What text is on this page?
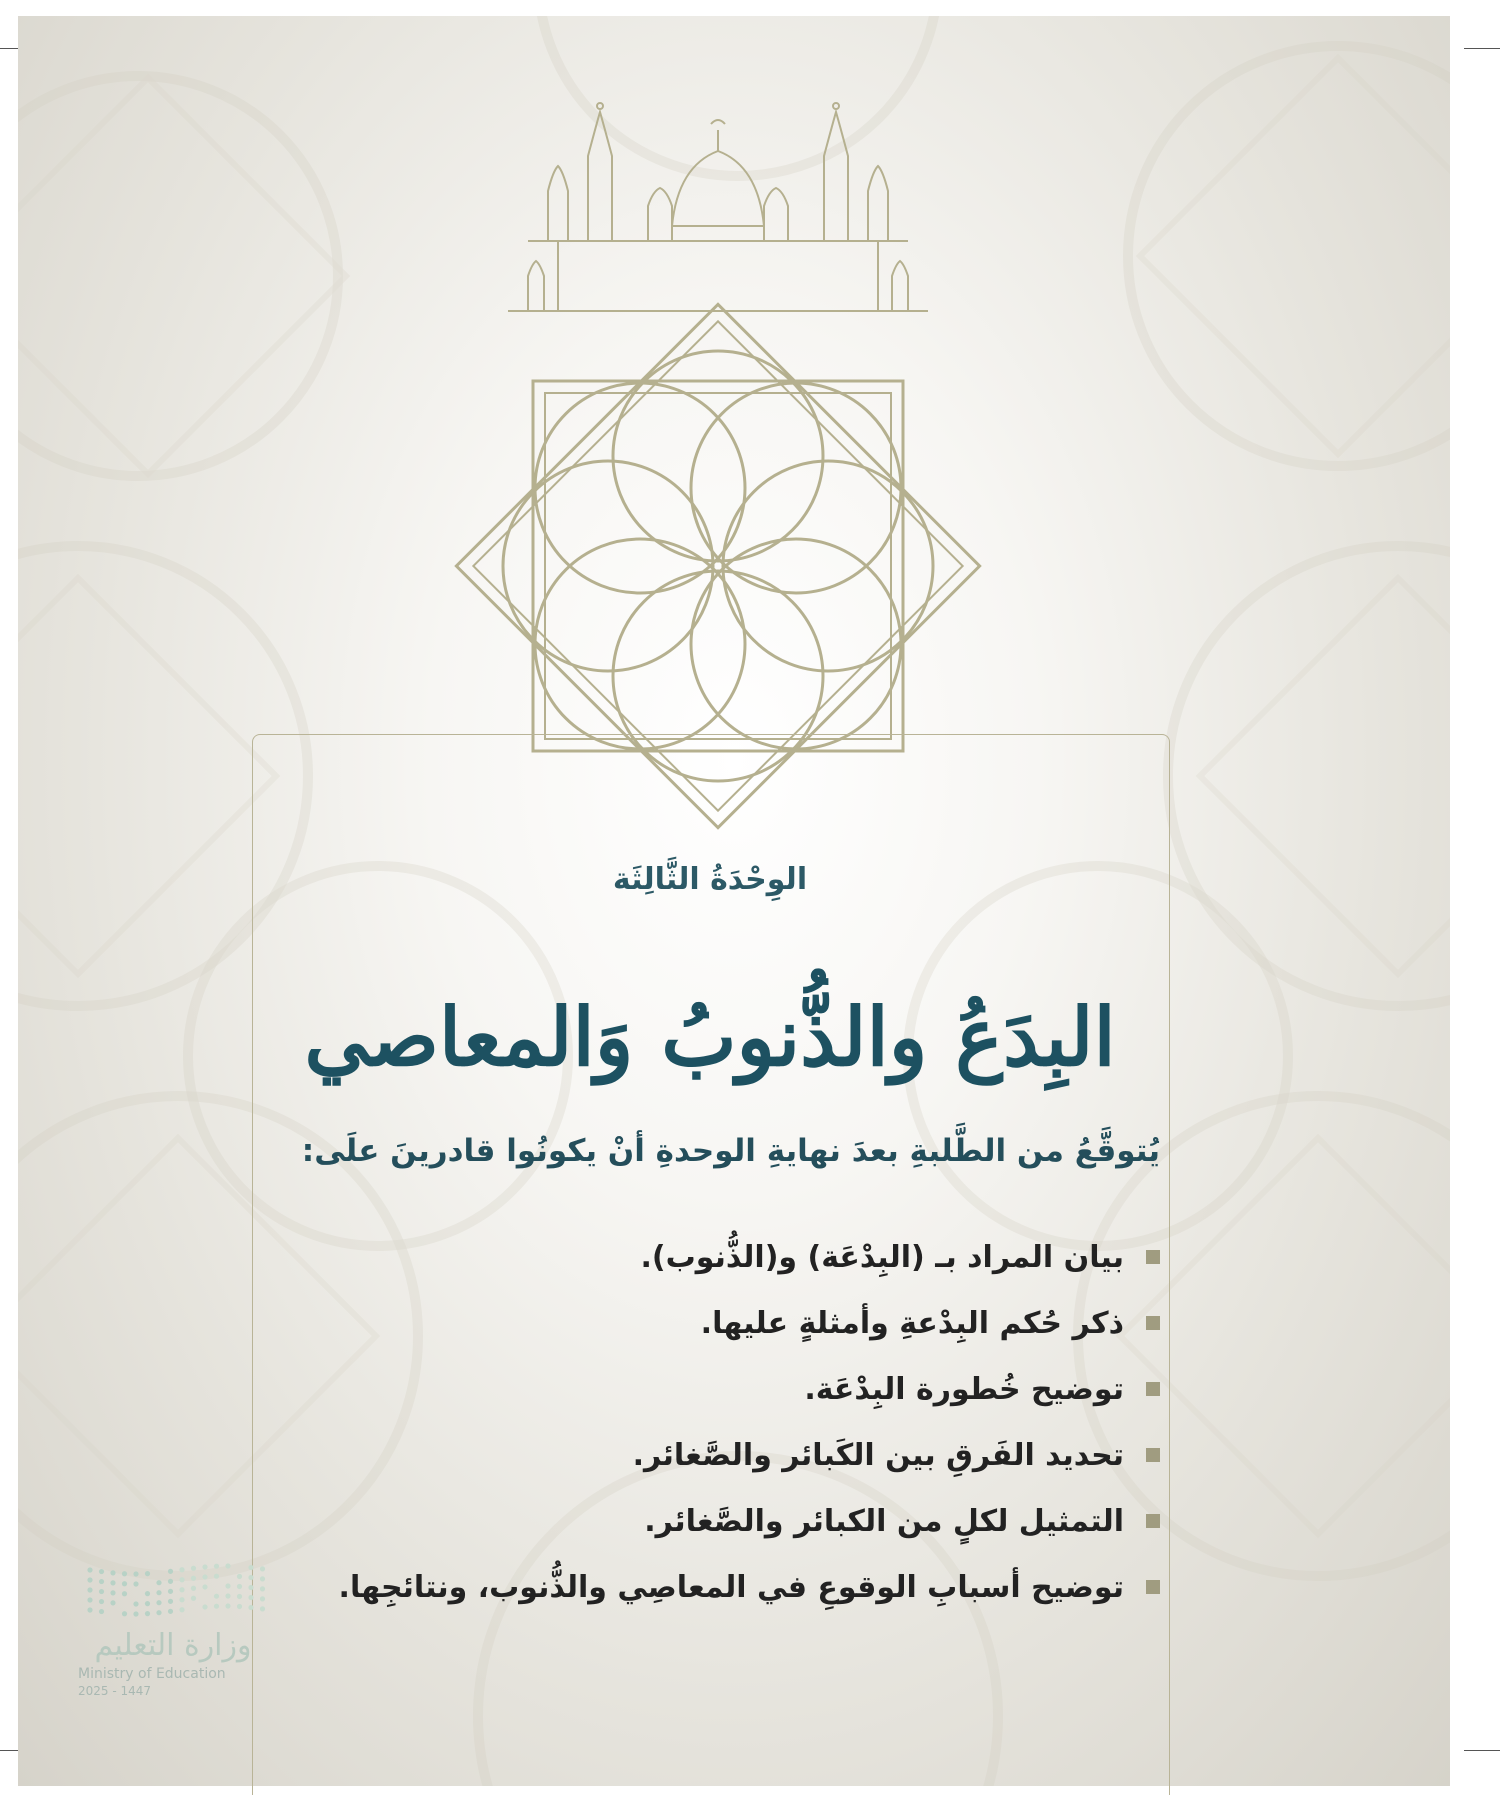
الوِحْدَةُ الثَّالِثَة
البِدَعُ والذُّنوبُ وَالمعاصي
يُتوقَّعُ من الطَّلبةِ بعدَ نهايةِ الوحدةِ أنْ يكونُوا قادرينَ علَى:
بيان المراد بـ (البِدْعَة) و(الذُّنوب).
ذكر حُكم البِدْعةِ وأمثلةٍ عليها.
توضيح خُطورة البِدْعَة.
تحديد الفَرقِ بين الكَبائر والصَّغائر.
التمثيل لكلٍ من الكبائر والصَّغائر.
توضيح أسبابِ الوقوعِ في المعاصِي والذُّنوب، ونتائجِها.
وزارة التعليم
Ministry of Education
2025 - 1447
